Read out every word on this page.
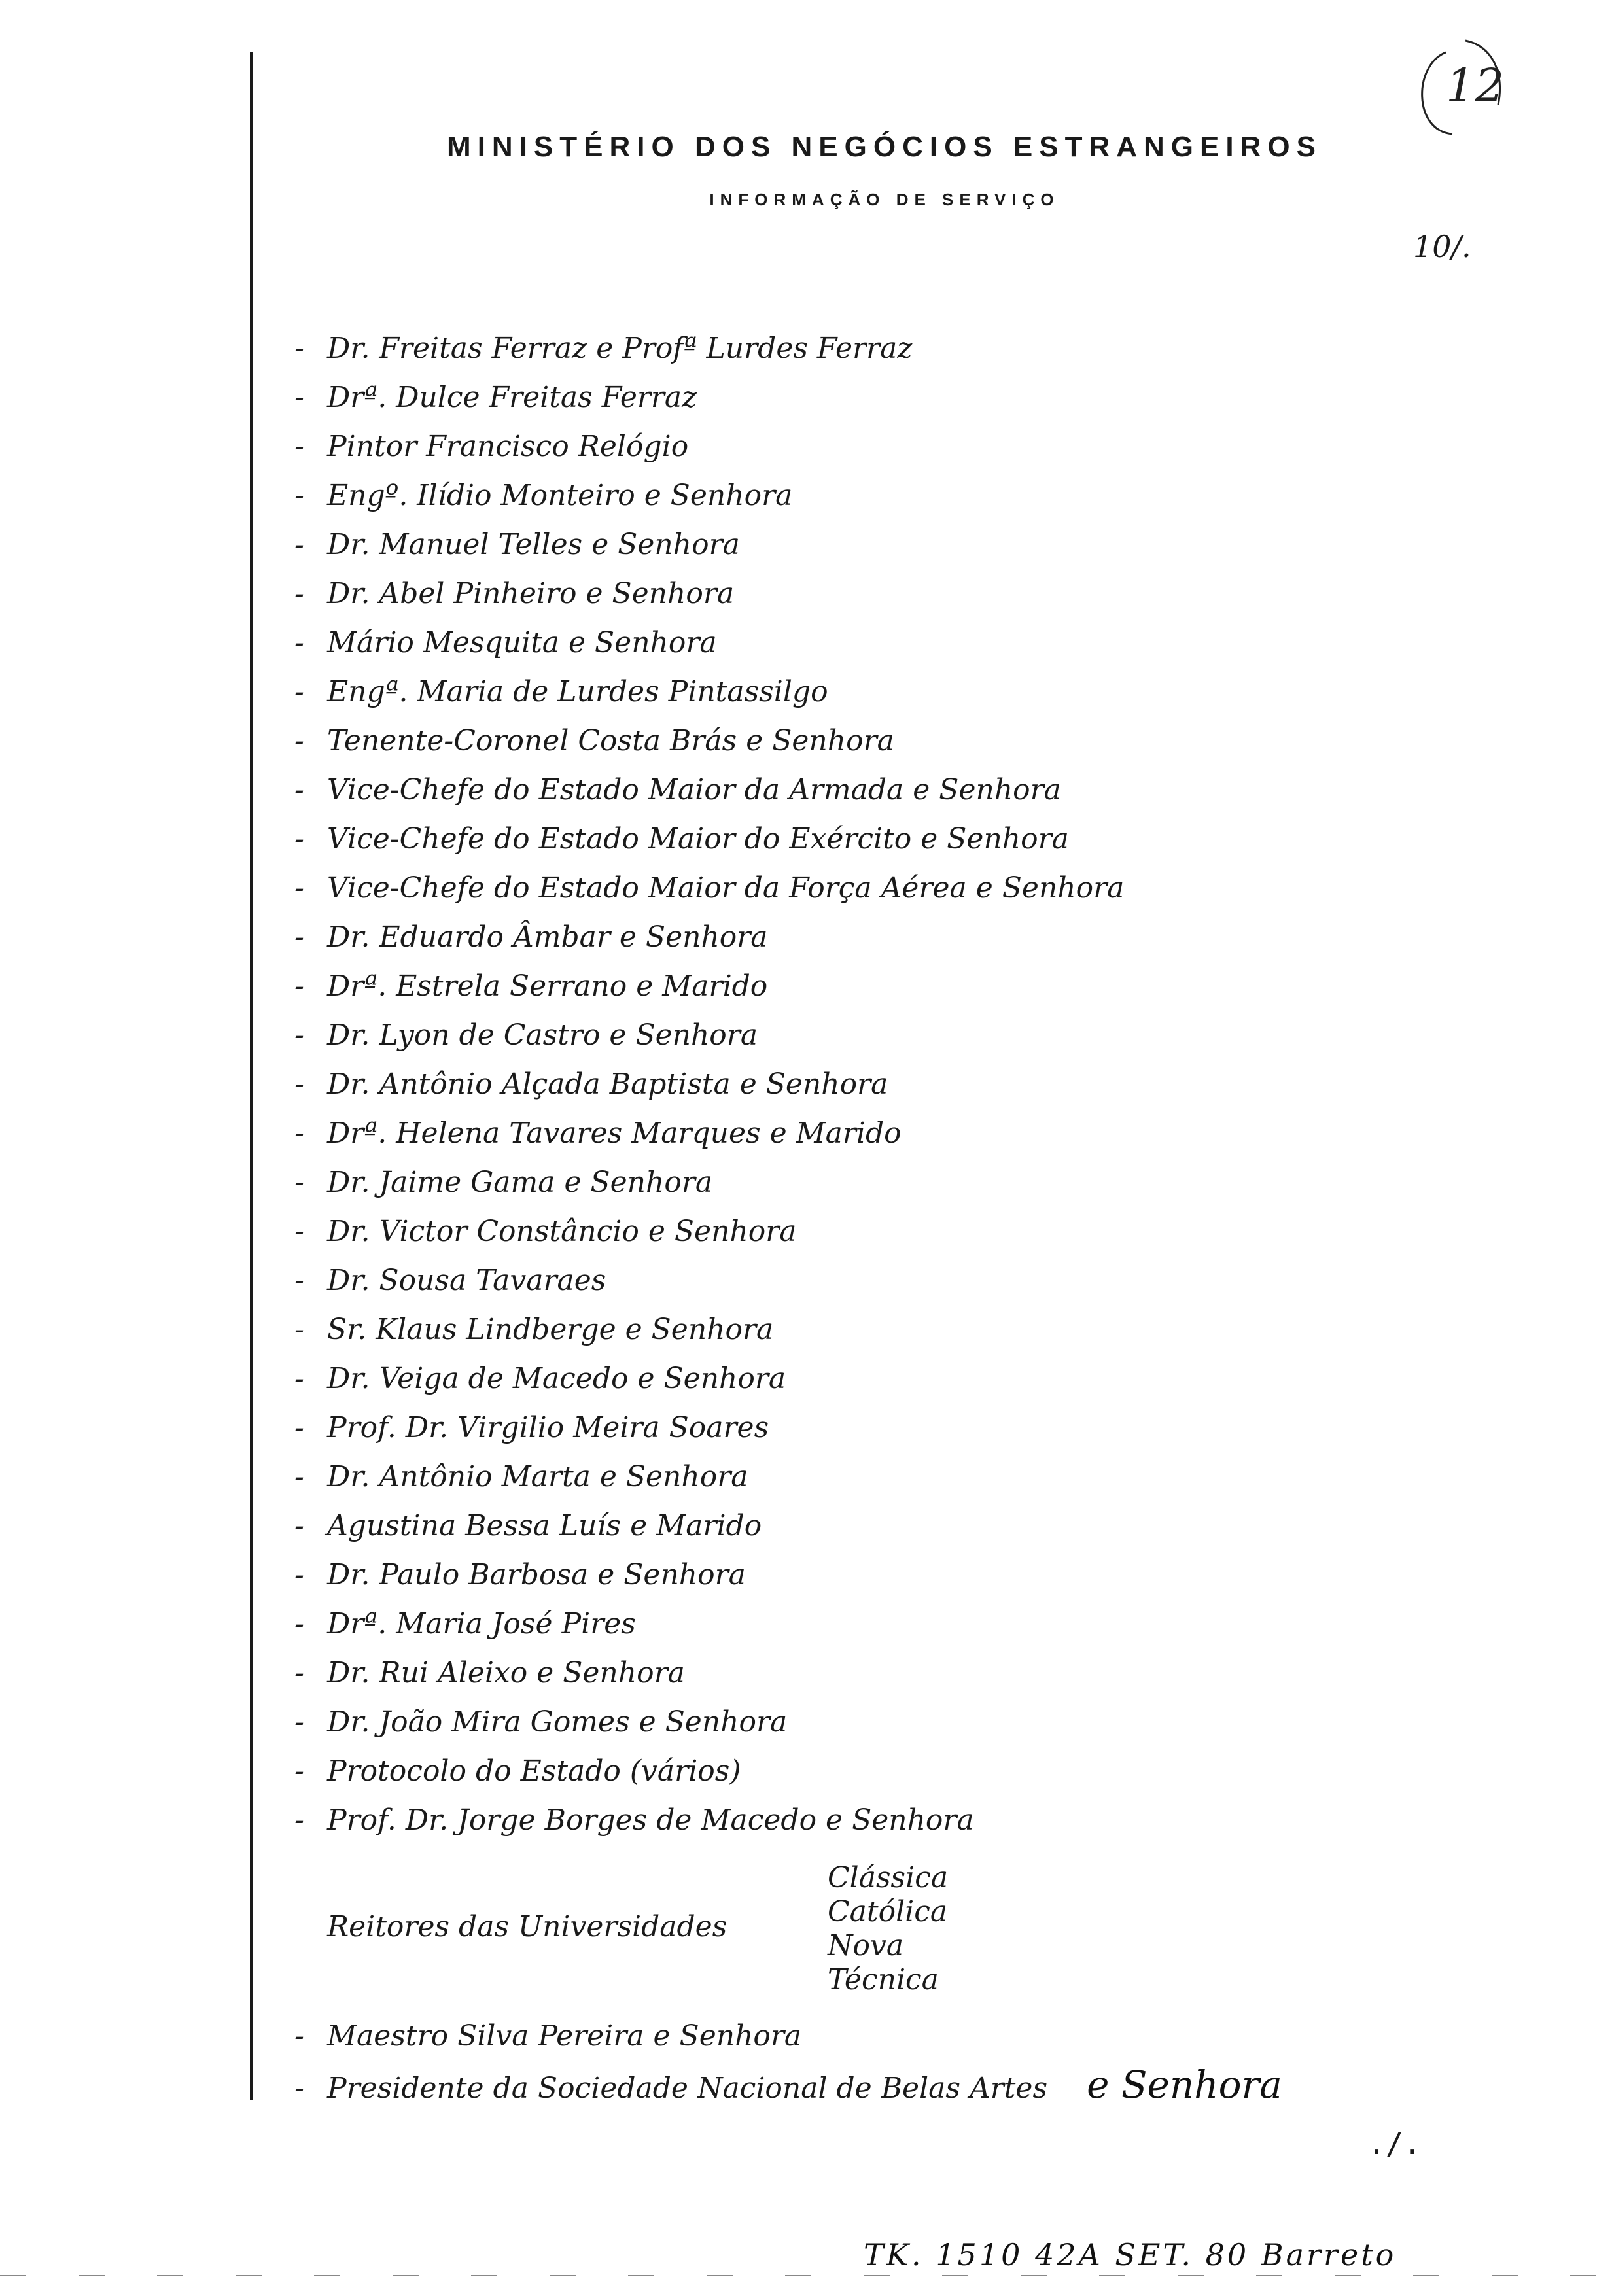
12
MINISTÉRIO DOS NEGÓCIOS ESTRANGEIROS
INFORMAÇÃO DE SERVIÇO
10/.
- Dr. Freitas Ferraz e Profª Lurdes Ferraz
- Drª. Dulce Freitas Ferraz
- Pintor Francisco Relógio
- Engº. Ilídio Monteiro e Senhora
- Dr. Manuel Telles e Senhora
- Dr. Abel Pinheiro e Senhora
- Mário Mesquita e Senhora
- Engª. Maria de Lurdes Pintassilgo
- Tenente-Coronel Costa Brás e Senhora
- Vice-Chefe do Estado Maior da Armada e Senhora
- Vice-Chefe do Estado Maior do Exército e Senhora
- Vice-Chefe do Estado Maior da Força Aérea e Senhora
- Dr. Eduardo Âmbar e Senhora
- Drª. Estrela Serrano e Marido
- Dr. Lyon de Castro e Senhora
- Dr. Antônio Alçada Baptista e Senhora
- Drª. Helena Tavares Marques e Marido
- Dr. Jaime Gama e Senhora
- Dr. Victor Constâncio e Senhora
- Dr. Sousa Tavaraes
- Sr. Klaus Lindberge e Senhora
- Dr. Veiga de Macedo e Senhora
- Prof. Dr. Virgilio Meira Soares
- Dr. Antônio Marta e Senhora
- Agustina Bessa Luís e Marido
- Dr. Paulo Barbosa e Senhora
- Drª. Maria José Pires
- Dr. Rui Aleixo e Senhora
- Dr. João Mira Gomes e Senhora
- Protocolo do Estado (vários)
- Prof. Dr. Jorge Borges de Macedo e Senhora
Reitores das Universidades
Clássica
Católica
Nova
Técnica
- Maestro Silva Pereira e Senhora
- Presidente da Sociedade Nacional de Belas Artes e Senhora
./.
TK. 1510 42A SET. 80 Barreto
